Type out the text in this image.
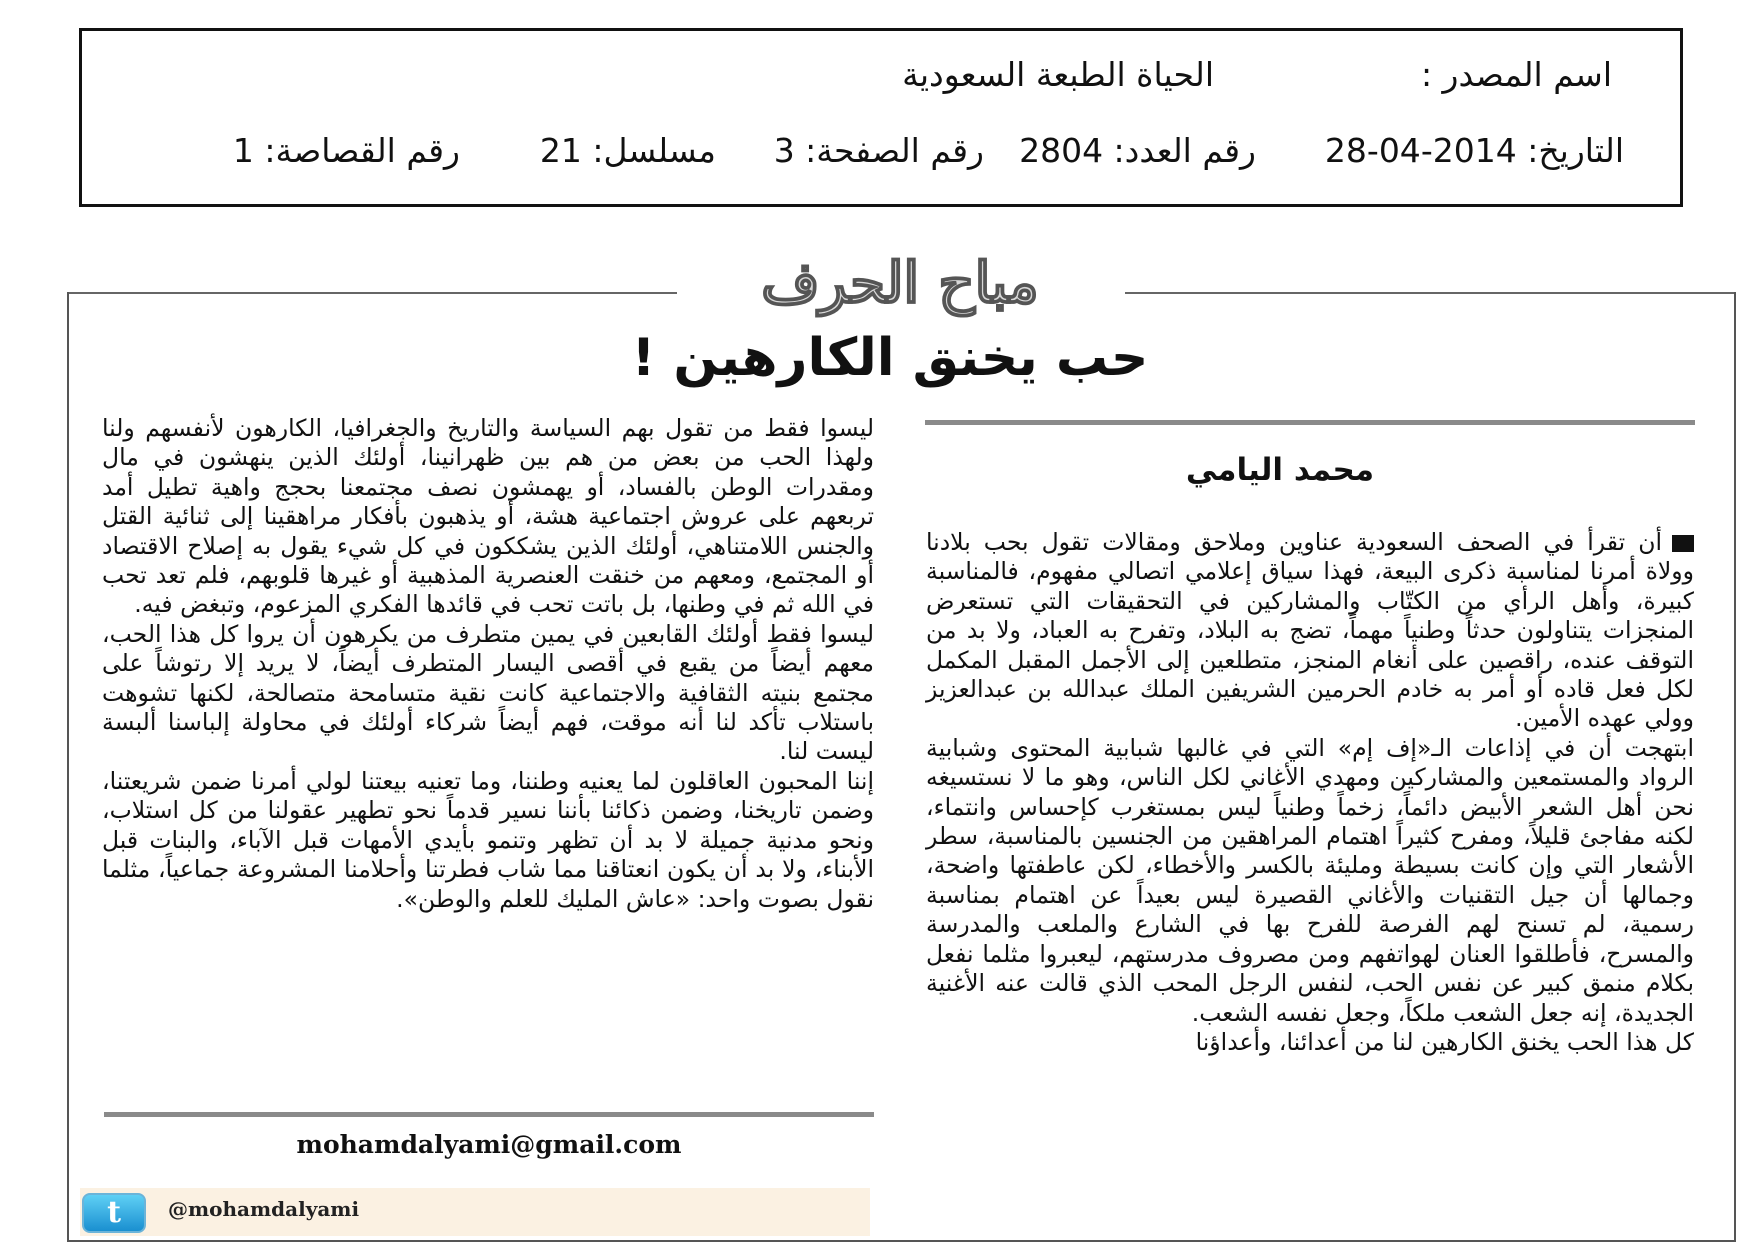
اسم المصدر :
الحياة الطبعة السعودية
التاريخ: 2014-04-28
رقم العدد: 2804
رقم الصفحة: 3
مسلسل: 21
رقم القصاصة: 1
مباح الحرف
حب يخنق الكارهين !
محمد اليامي

أن تقرأ في الصحف السعودية عناوين وملاحق ومقالات تقول بحب بلادنا وولاة أمرنا لمناسبة ذكرى البيعة، فهذا سياق إعلامي اتصالي مفهوم، فالمناسبة كبيرة، وأهل الرأي من الكتّاب والمشاركين في التحقيقات التي تستعرض المنجزات يتناولون حدثاً وطنياً مهماً، تضج به البلاد، وتفرح به العباد، ولا بد من التوقف عنده، راقصين على أنغام المنجز، متطلعين إلى الأجمل المقبل المكمل لكل فعل قاده أو أمر به خادم الحرمين الشريفين الملك عبدالله بن عبدالعزيز وولي عهده الأمين.

ابتهجت أن في إذاعات الـ«إف إم» التي في غالبها شبابية المحتوى وشبابية الرواد والمستمعين والمشاركين ومهدي الأغاني لكل الناس، وهو ما لا نستسيغه نحن أهل الشعر الأبيض دائماً، زخماً وطنياً ليس بمستغرب كإحساس وانتماء، لكنه مفاجئ قليلاً، ومفرح كثيراً اهتمام المراهقين من الجنسين بالمناسبة، سطر الأشعار التي وإن كانت بسيطة ومليئة بالكسر والأخطاء، لكن عاطفتها واضحة، وجمالها أن جيل التقنيات والأغاني القصيرة ليس بعيداً عن اهتمام بمناسبة رسمية، لم تسنح لهم الفرصة للفرح بها في الشارع والملعب والمدرسة والمسرح، فأطلقوا العنان لهواتفهم ومن مصروف مدرستهم، ليعبروا مثلما نفعل بكلام منمق كبير عن نفس الحب، لنفس الرجل المحب الذي قالت عنه الأغنية الجديدة، إنه جعل الشعب ملكاً، وجعل نفسه الشعب.

كل هذا الحب يخنق الكارهين لنا من أعدائنا، وأعداؤنا

ليسوا فقط من تقول بهم السياسة والتاريخ والجغرافيا، الكارهون لأنفسهم ولنا ولهذا الحب من بعض من هم بين ظهرانينا، أولئك الذين ينهشون في مال ومقدرات الوطن بالفساد، أو يهمشون نصف مجتمعنا بحجج واهية تطيل أمد تربعهم على عروش اجتماعية هشة، أو يذهبون بأفكار مراهقينا إلى ثنائية القتل والجنس اللامتناهي، أولئك الذين يشككون في كل شيء يقول به إصلاح الاقتصاد أو المجتمع، ومعهم من خنقت العنصرية المذهبية أو غيرها قلوبهم، فلم تعد تحب في الله ثم في وطنها، بل باتت تحب في قائدها الفكري المزعوم، وتبغض فيه.

ليسوا فقط أولئك القابعين في يمين متطرف من يكرهون أن يروا كل هذا الحب، معهم أيضاً من يقبع في أقصى اليسار المتطرف أيضاً، لا يريد إلا رتوشاً على مجتمع بنيته الثقافية والاجتماعية كانت نقية متسامحة متصالحة، لكنها تشوهت باستلاب تأكد لنا أنه موقت، فهم أيضاً شركاء أولئك في محاولة إلباسنا ألبسة ليست لنا.

إننا المحبون العاقلون لما يعنيه وطننا، وما تعنيه بيعتنا لولي أمرنا ضمن شريعتنا، وضمن تاريخنا، وضمن ذكائنا بأننا نسير قدماً نحو تطهير عقولنا من كل استلاب، ونحو مدنية جميلة لا بد أن تظهر وتنمو بأيدي الأمهات قبل الآباء، والبنات قبل الأبناء، ولا بد أن يكون انعتاقنا مما شاب فطرتنا وأحلامنا المشروعة جماعياً، مثلما نقول بصوت واحد: «عاش المليك للعلم والوطن».

mohamdalyami@gmail.com
t	@mohamdalyami
